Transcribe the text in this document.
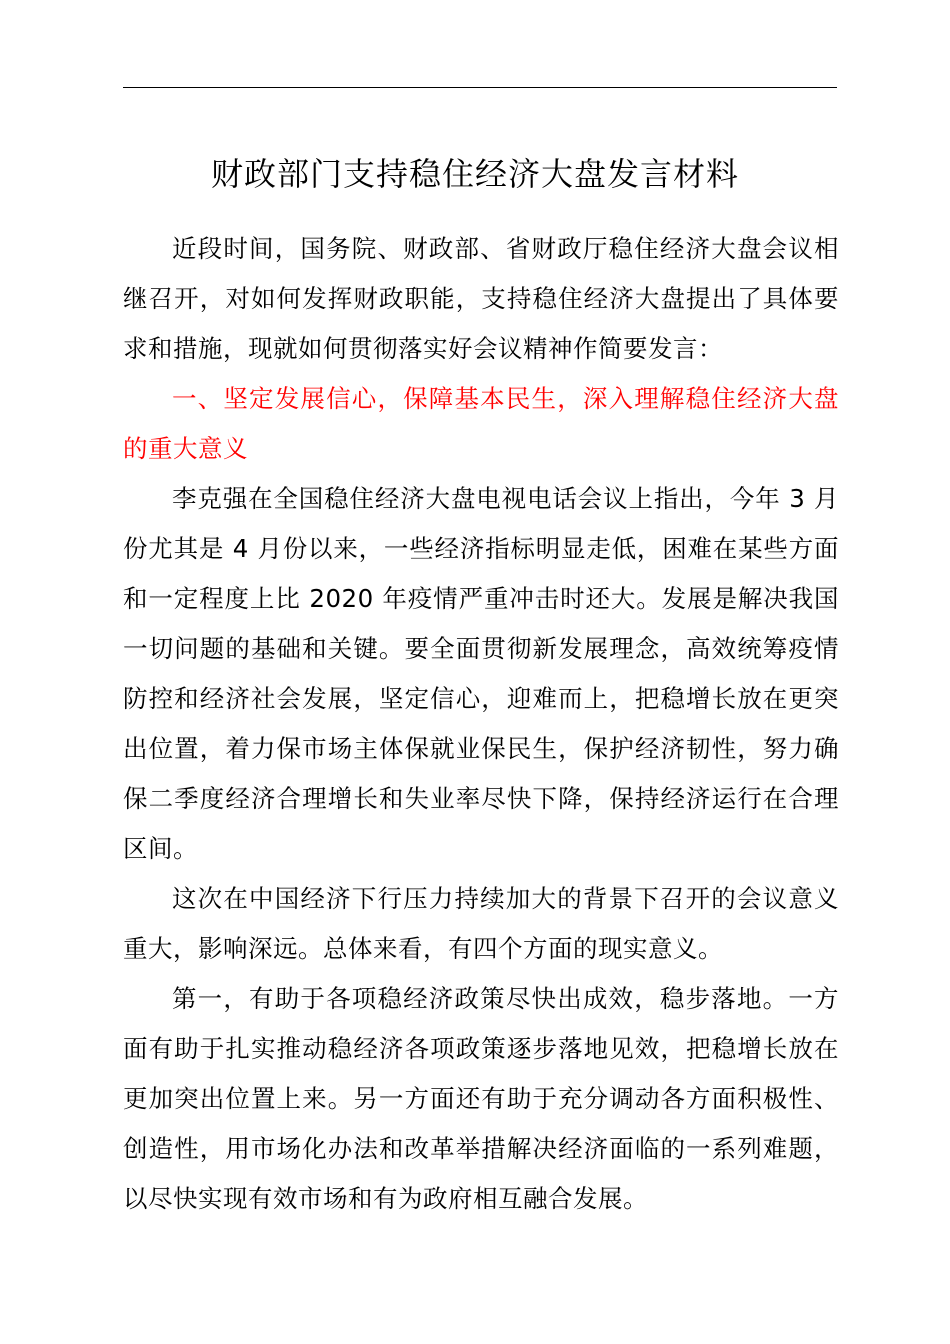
财政部门支持稳住经济大盘发言材料

近段时间，国务院、财政部、省财政厅稳住经济大盘会议相继召开，对如何发挥财政职能，支持稳住经济大盘提出了具体要求和措施，现就如何贯彻落实好会议精神作简要发言：

一、坚定发展信心，保障基本民生，深入理解稳住经济大盘的重大意义

李克强在全国稳住经济大盘电视电话会议上指出，今年 3 月份尤其是 4 月份以来，一些经济指标明显走低，困难在某些方面和一定程度上比 2020 年疫情严重冲击时还大。发展是解决我国一切问题的基础和关键。要全面贯彻新发展理念，高效统筹疫情防控和经济社会发展，坚定信心，迎难而上，把稳增长放在更突出位置，着力保市场主体保就业保民生，保护经济韧性，努力确保二季度经济合理增长和失业率尽快下降，保持经济运行在合理区间。

这次在中国经济下行压力持续加大的背景下召开的会议意义重大，影响深远。总体来看，有四个方面的现实意义。

第一，有助于各项稳经济政策尽快出成效，稳步落地。一方面有助于扎实推动稳经济各项政策逐步落地见效，把稳增长放在更加突出位置上来。另一方面还有助于充分调动各方面积极性、创造性，用市场化办法和改革举措解决经济面临的一系列难题，以尽快实现有效市场和有为政府相互融合发展。
